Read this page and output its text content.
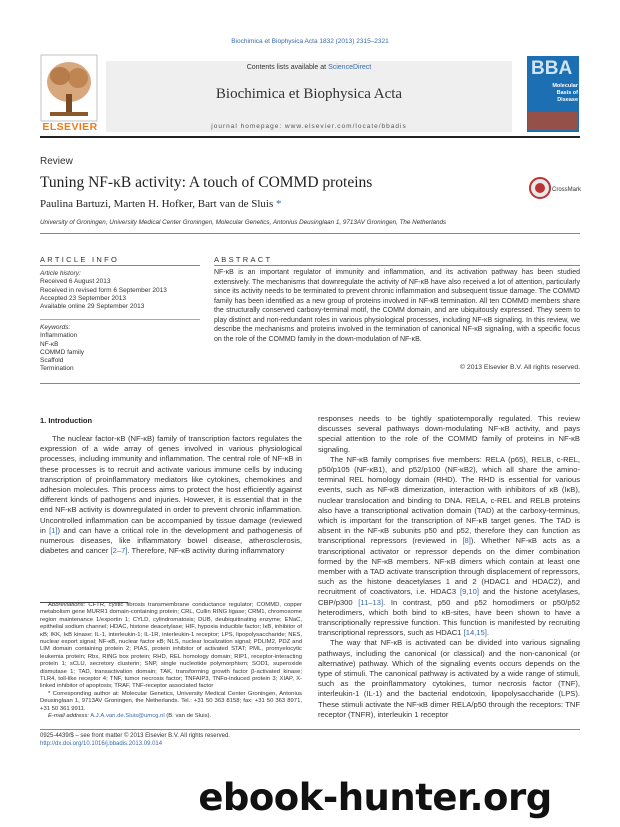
Biochimica et Biophysica Acta 1832 (2013) 2315–2321
ELSEVIER
Contents lists available at ScienceDirect
Biochimica et Biophysica Acta
journal homepage: www.elsevier.com/locate/bbadis
BBA
Molecular
Basis of
Disease
Review
Tuning NF-κB activity: A touch of COMMD proteins	CrossMark
Paulina Bartuzi, Marten H. Hofker, Bart van de Sluis *
University of Groningen, University Medical Center Groningen, Molecular Genetics, Antonius Deusinglaan 1, 9713AV Groningen, The Netherlands
ARTICLE INFO	ABSTRACT
Article history:
Received 6 August 2013
Received in revised form 6 September 2013
Accepted 23 September 2013
Available online 29 September 2013
Keywords:
Inflammation
NF-κB
COMMD family
Scaffold
Termination
NF-κB is an important regulator of immunity and inflammation, and its activation pathway has been studied extensively. The mechanisms that downregulate the activity of NF-κB have also received a lot of attention, particularly since its activity needs to be terminated to prevent chronic inflammation and subsequent tissue damage. The COMMD family has been identified as a new group of proteins involved in NF-κB termination. All ten COMMD members share the structurally conserved carboxy-terminal motif, the COMM domain, and are ubiquitously expressed. They seem to play distinct and non-redundant roles in various physiological processes, including NF-κB signaling. In this review, we describe the mechanisms and proteins involved in the termination of canonical NF-κB signaling, with a specific focus on the role of the COMMD family in the down-modulation of NF-κB.
© 2013 Elsevier B.V. All rights reserved.
1. Introduction

The nuclear factor-κB (NF-κB) family of transcription factors regulates the expression of a wide array of genes involved in various physiological processes, including immunity and inflammation. The central role of NF-κB in these processes is to recruit and activate various immune cells by inducing transcription of proinflammatory mediators like cytokines, chemokines and adhesion molecules. This process aims to protect the host efficiently against different kinds of pathogens and injuries. However, it is essential that in the end NF-κB activity is downregulated in order to prevent chronic inflammation. Uncontrolled inflammation can be accompanied by tissue damage (reviewed in [1]) and can have a critical role in the development and pathogenesis of numerous diseases, like inflammatory bowel disease, atherosclerosis, diabetes and cancer [2–7]. Therefore, NF-κB activity during inflammatory

responses needs to be tightly spatiotemporally regulated. This review discusses several pathways down-modulating NF-κB activity, and pays special attention to the role of the COMMD family of proteins in NF-κB signaling.

The NF-κB family comprises five members: RELA (p65), RELB, c-REL, p50/p105 (NF-κB1), and p52/p100 (NF-κB2), which all share the amino-terminal REL homology domain (RHD). The RHD is essential for various events, such as NF-κB dimerization, interaction with inhibitors of κB (IκB), nuclear translocation and binding to DNA. RELA, c-REL and RELB proteins also have a transcriptional activation domain (TAD) at the carboxy-terminus, which is important for the transcription of NF-κB target genes. The TAD is absent in the NF-κB subunits p50 and p52, therefore they can function as transcriptional repressors (reviewed in [8]). Whether NF-κB acts as a transcriptional activator or repressor depends on the dimer combination formed by the NF-κB members. NF-κB dimers which contain at least one member with a TAD activate transcription through displacement of repressors, such as the histone deacetylases 1 and 2 (HDAC1 and HDAC2), and recruitment of coactivators, i.e. HDAC3 [9,10] and the histone acetylases, CBP/p300 [11–13]. In contrast, p50 and p52 homodimers or p50/p52 heterodimers, which both bind to κB-sites, have been shown to have a transcriptionally repressive function. This function is manifested by recruiting transcriptional repressors, such as HDAC1 [14,15].

The way that NF-κB is activated can be divided into various signaling pathways, including the canonical (or classical) and the non-canonical (or alternative) pathway. Which of the signaling events occurs depends on the type of stimuli. The canonical pathway is activated by a wide range of stimuli, such as the proinflammatory cytokines, tumor necrosis factor (TNF), interleukin-1 (IL-1) and the bacterial endotoxin, lipopolysaccharide (LPS). These stimuli activate the NF-κB dimer RELA/p50 through the receptors: TNF receptor (TNFR), interleukin 1 receptor

Abbreviations: CFTR, cystic fibrosis transmembrane conductance regulator; COMMD, copper metabolism gene MURR1 domain-containing protein; CRL, Cullin RING ligase; CRM1, chromosome region maintenance 1/exportin 1; CYLD, cylindromatosis; DUB, deubiquitinating enzyme; ENaC, epithelial sodium channel; HDAC, histone deacetylase; HIF, hypoxia inducible factor; IκB, inhibitor of κB; IKK, IκB kinase; IL-1, interleukin-1; IL-1R, interleukin-1 receptor; LPS, lipopolysaccharide; NES, nuclear export signal; NF-κB, nuclear factor κB; NLS, nuclear localization signal; PDLIM2, PDZ and LIM domain containing protein 2; PIAS, protein inhibitor of activated STAT; PML, promyelocytic leukemia protein; Rbx, RING box protein; RHD, REL homology domain; RIP1, receptor-interacting protein 1; sCLU, secretory clusterin; SNP, single nucleotide polymorphism; SOD1, superoxide dismutase 1; TAD, transactivation domain; TAK, transforming growth factor β-activated kinase; TLR4, toll-like receptor 4; TNF, tumor necrosis factor; TNFAIP3, TNFα-induced protein 3; XIAP, X-linked inhibitor of apoptosis; TRAF, TNF-receptor associated factor
* Corresponding author at: Molecular Genetics, University Medical Center Groningen, Antonius Deusinglaan 1, 9713AV Groningen, the Netherlands. Tel.: +31 50 363 8158; fax: +31 50 363 8971, +31 50 361 9911.
E-mail address: A.J.A.van.de.Sluis@umcg.nl (B. van de Sluis).
0925-4439/$ – see front matter © 2013 Elsevier B.V. All rights reserved.
http://dx.doi.org/10.1016/j.bbadis.2013.09.014
ebook-hunter.org
